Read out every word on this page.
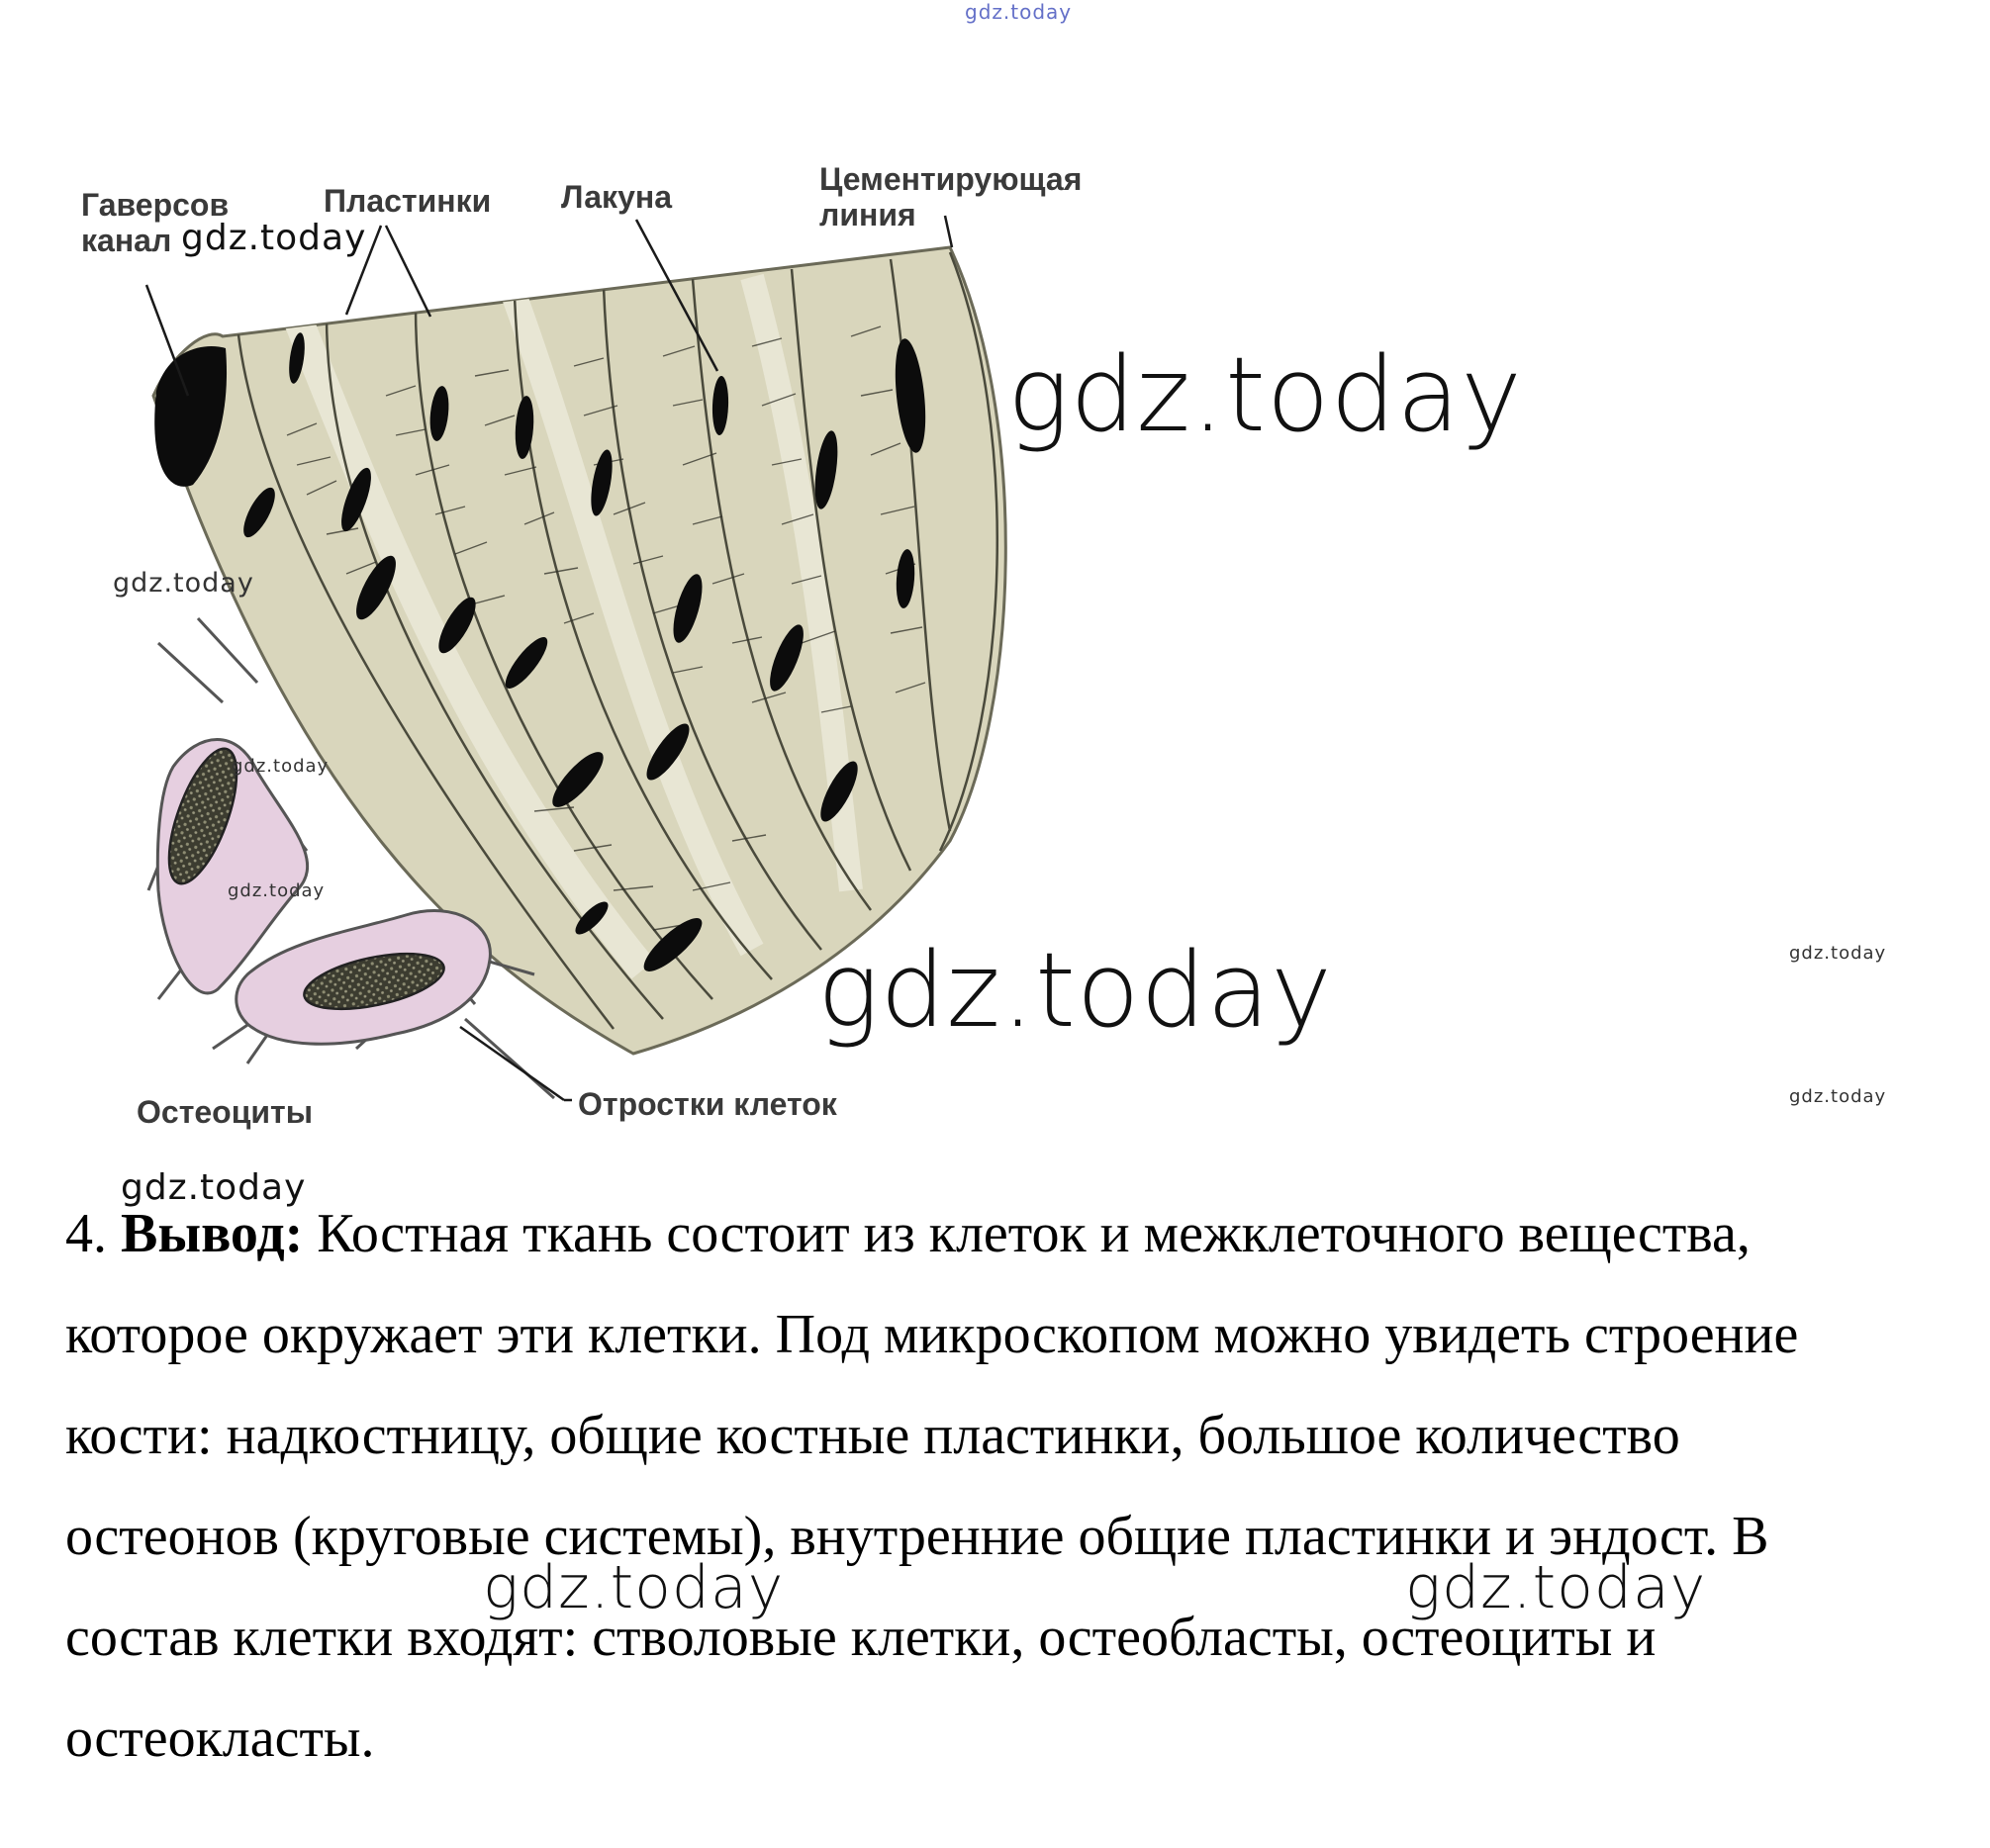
Гаверсов
канал
Пластинки Лакуна	Цементирующая
линия
Остеоциты	Отростки клеток
gdz.today
gdz.today
gdz.today
gdz.today
gdz.today
gdz.today
gdz.today	gdz.today
gdz.today
gdz.today
gdz.today	gdz.today
4. Вывод: Костная ткань состоит из клеток и межклеточного вещества,
которое окружает эти клетки. Под микроскопом можно увидеть строение
кости: надкостницу, общие костные пластинки, большое количество
остеонов (круговые системы), внутренние общие пластинки и эндост. В
состав клетки входят: стволовые клетки, остеобласты, остеоциты и
остеокласты.
